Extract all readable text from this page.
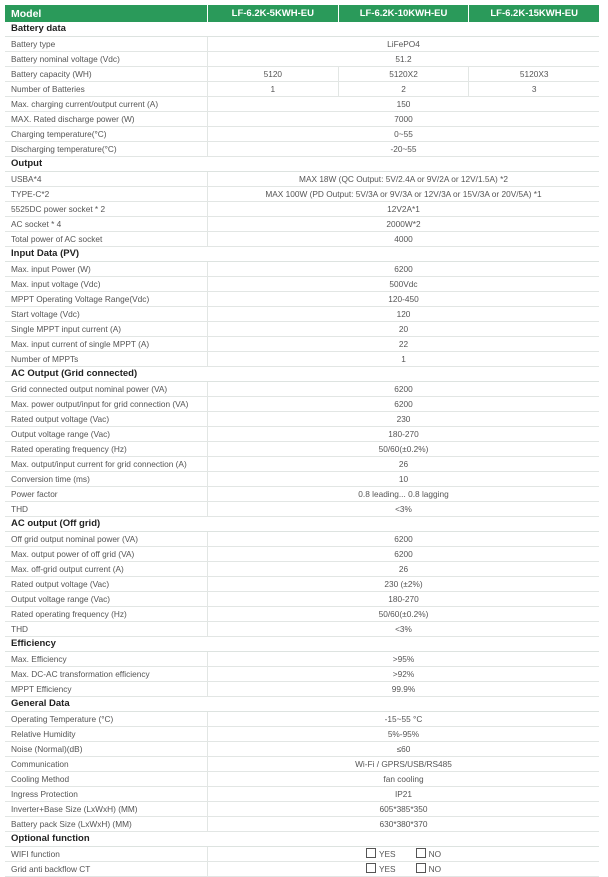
Model	LF-6.2K-5KWH-EU	LF-6.2K-10KWH-EU	LF-6.2K-15KWH-EU
Battery data
Battery type	LiFePO4
Battery nominal voltage (Vdc)	51.2
Battery capacity (WH)	5120	5120X2	5120X3
Number of Batteries	1	2	3
Max. charging current/output current (A)	150
MAX. Rated discharge power (W)	7000
Charging temperature(°C)	0~55
Discharging temperature(°C)	-20~55
Output
USBA*4	MAX 18W (QC Output: 5V/2.4A or 9V/2A or 12V/1.5A) *2
TYPE-C*2	MAX 100W (PD Output: 5V/3A or 9V/3A or 12V/3A or 15V/3A or 20V/5A) *1
5525DC power socket * 2	12V2A*1
AC socket * 4	2000W*2
Total power of AC socket	4000
Input Data (PV)
Max. input Power (W)	6200
Max. input voltage (Vdc)	500Vdc
MPPT Operating Voltage Range(Vdc)	120-450
Start voltage (Vdc)	120
Single MPPT input current (A)	20
Max. input current of single MPPT (A)	22
Number of MPPTs	1
AC Output (Grid connected)
Grid connected output nominal power (VA)	6200
Max. power output/input for grid connection (VA)	6200
Rated output voltage (Vac)	230
Output voltage range (Vac)	180-270
Rated operating frequency (Hz)	50/60(±0.2%)
Max. output/input current for grid connection (A)	26
Conversion time (ms)	10
Power factor	0.8 leading... 0.8 lagging
THD	<3%
AC output (Off grid)
Off grid output nominal power (VA)	6200
Max. output power of off grid (VA)	6200
Max. off-grid output current (A)	26
Rated output voltage (Vac)	230 (±2%)
Output voltage range (Vac)	180-270
Rated operating frequency (Hz)	50/60(±0.2%)
THD	<3%
Efficiency
Max. Efficiency	>95%
Max. DC-AC transformation efficiency	>92%
MPPT Efficiency	99.9%
General Data
Operating Temperature (°C)	-15~55 °C
Relative Humidity	5%-95%
Noise (Normal)(dB)	≤60
Communication	Wi-Fi / GPRS/USB/RS485
Cooling Method	fan cooling
Ingress Protection	IP21
Inverter+Base Size (LxWxH) (MM)	605*385*350
Battery pack Size (LxWxH) (MM)	630*380*370
Optional function
WIFI function	YES	NO
Grid anti backflow CT	YES	NO
